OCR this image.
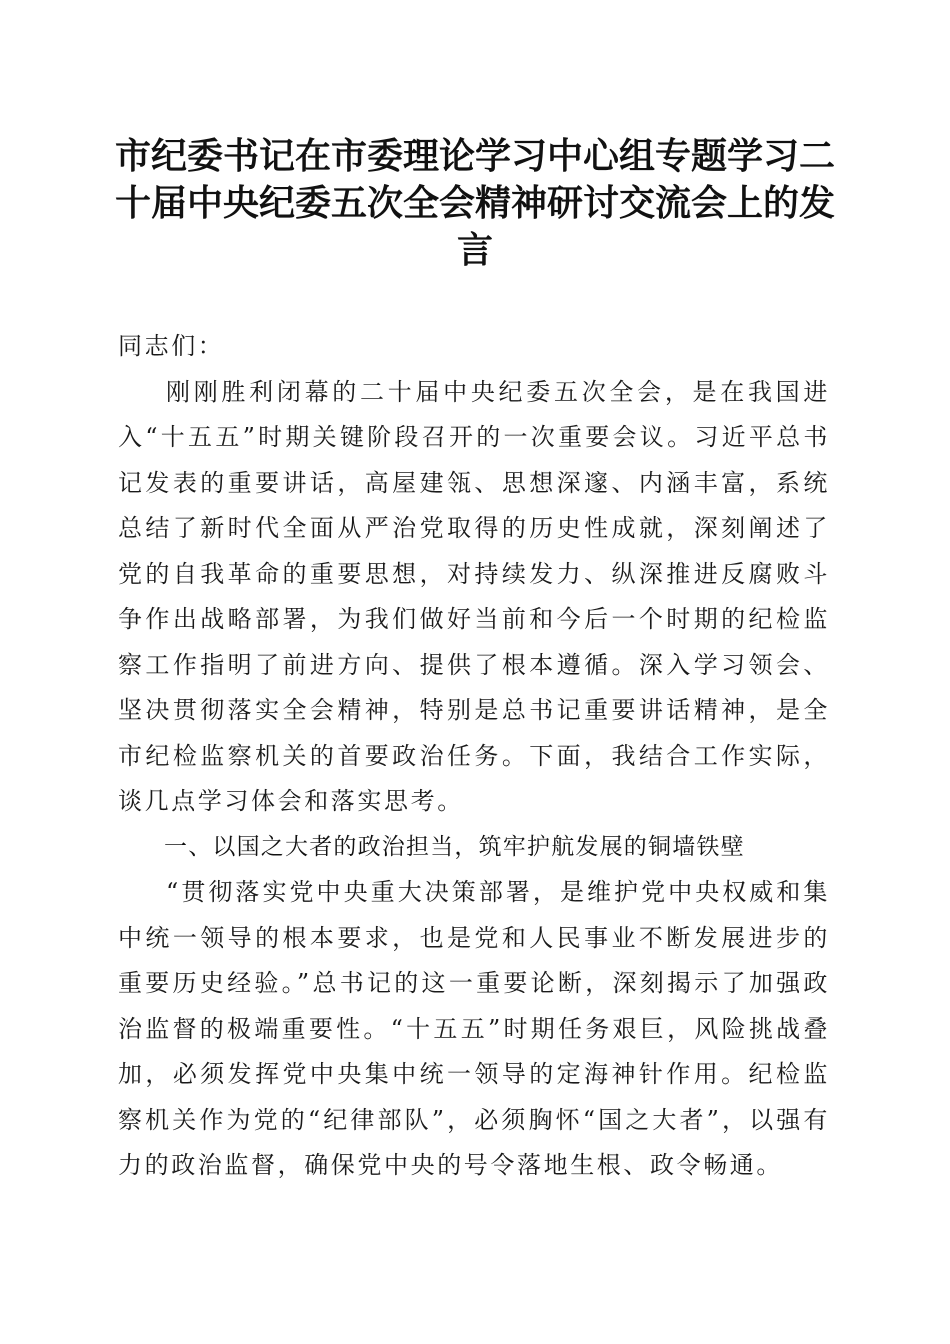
市纪委书记在市委理论学习中心组专题学习二十届中央纪委五次全会精神研讨交流会上的发言

同志们：

刚刚胜利闭幕的二十届中央纪委五次全会，是在我国进入“十五五”时期关键阶段召开的一次重要会议。习近平总书记发表的重要讲话，高屋建瓴、思想深邃、内涵丰富，系统总结了新时代全面从严治党取得的历史性成就，深刻阐述了党的自我革命的重要思想，对持续发力、纵深推进反腐败斗争作出战略部署，为我们做好当前和今后一个时期的纪检监察工作指明了前进方向、提供了根本遵循。深入学习领会、坚决贯彻落实全会精神，特别是总书记重要讲话精神，是全市纪检监察机关的首要政治任务。下面，我结合工作实际，谈几点学习体会和落实思考。

一、以国之大者的政治担当，筑牢护航发展的铜墙铁壁

“贯彻落实党中央重大决策部署，是维护党中央权威和集中统一领导的根本要求，也是党和人民事业不断发展进步的重要历史经验。”总书记的这一重要论断，深刻揭示了加强政治监督的极端重要性。“十五五”时期任务艰巨，风险挑战叠加，必须发挥党中央集中统一领导的定海神针作用。纪检监察机关作为党的“纪律部队”，必须胸怀“国之大者”，以强有力的政治监督，确保党中央的号令落地生根、政令畅通。
